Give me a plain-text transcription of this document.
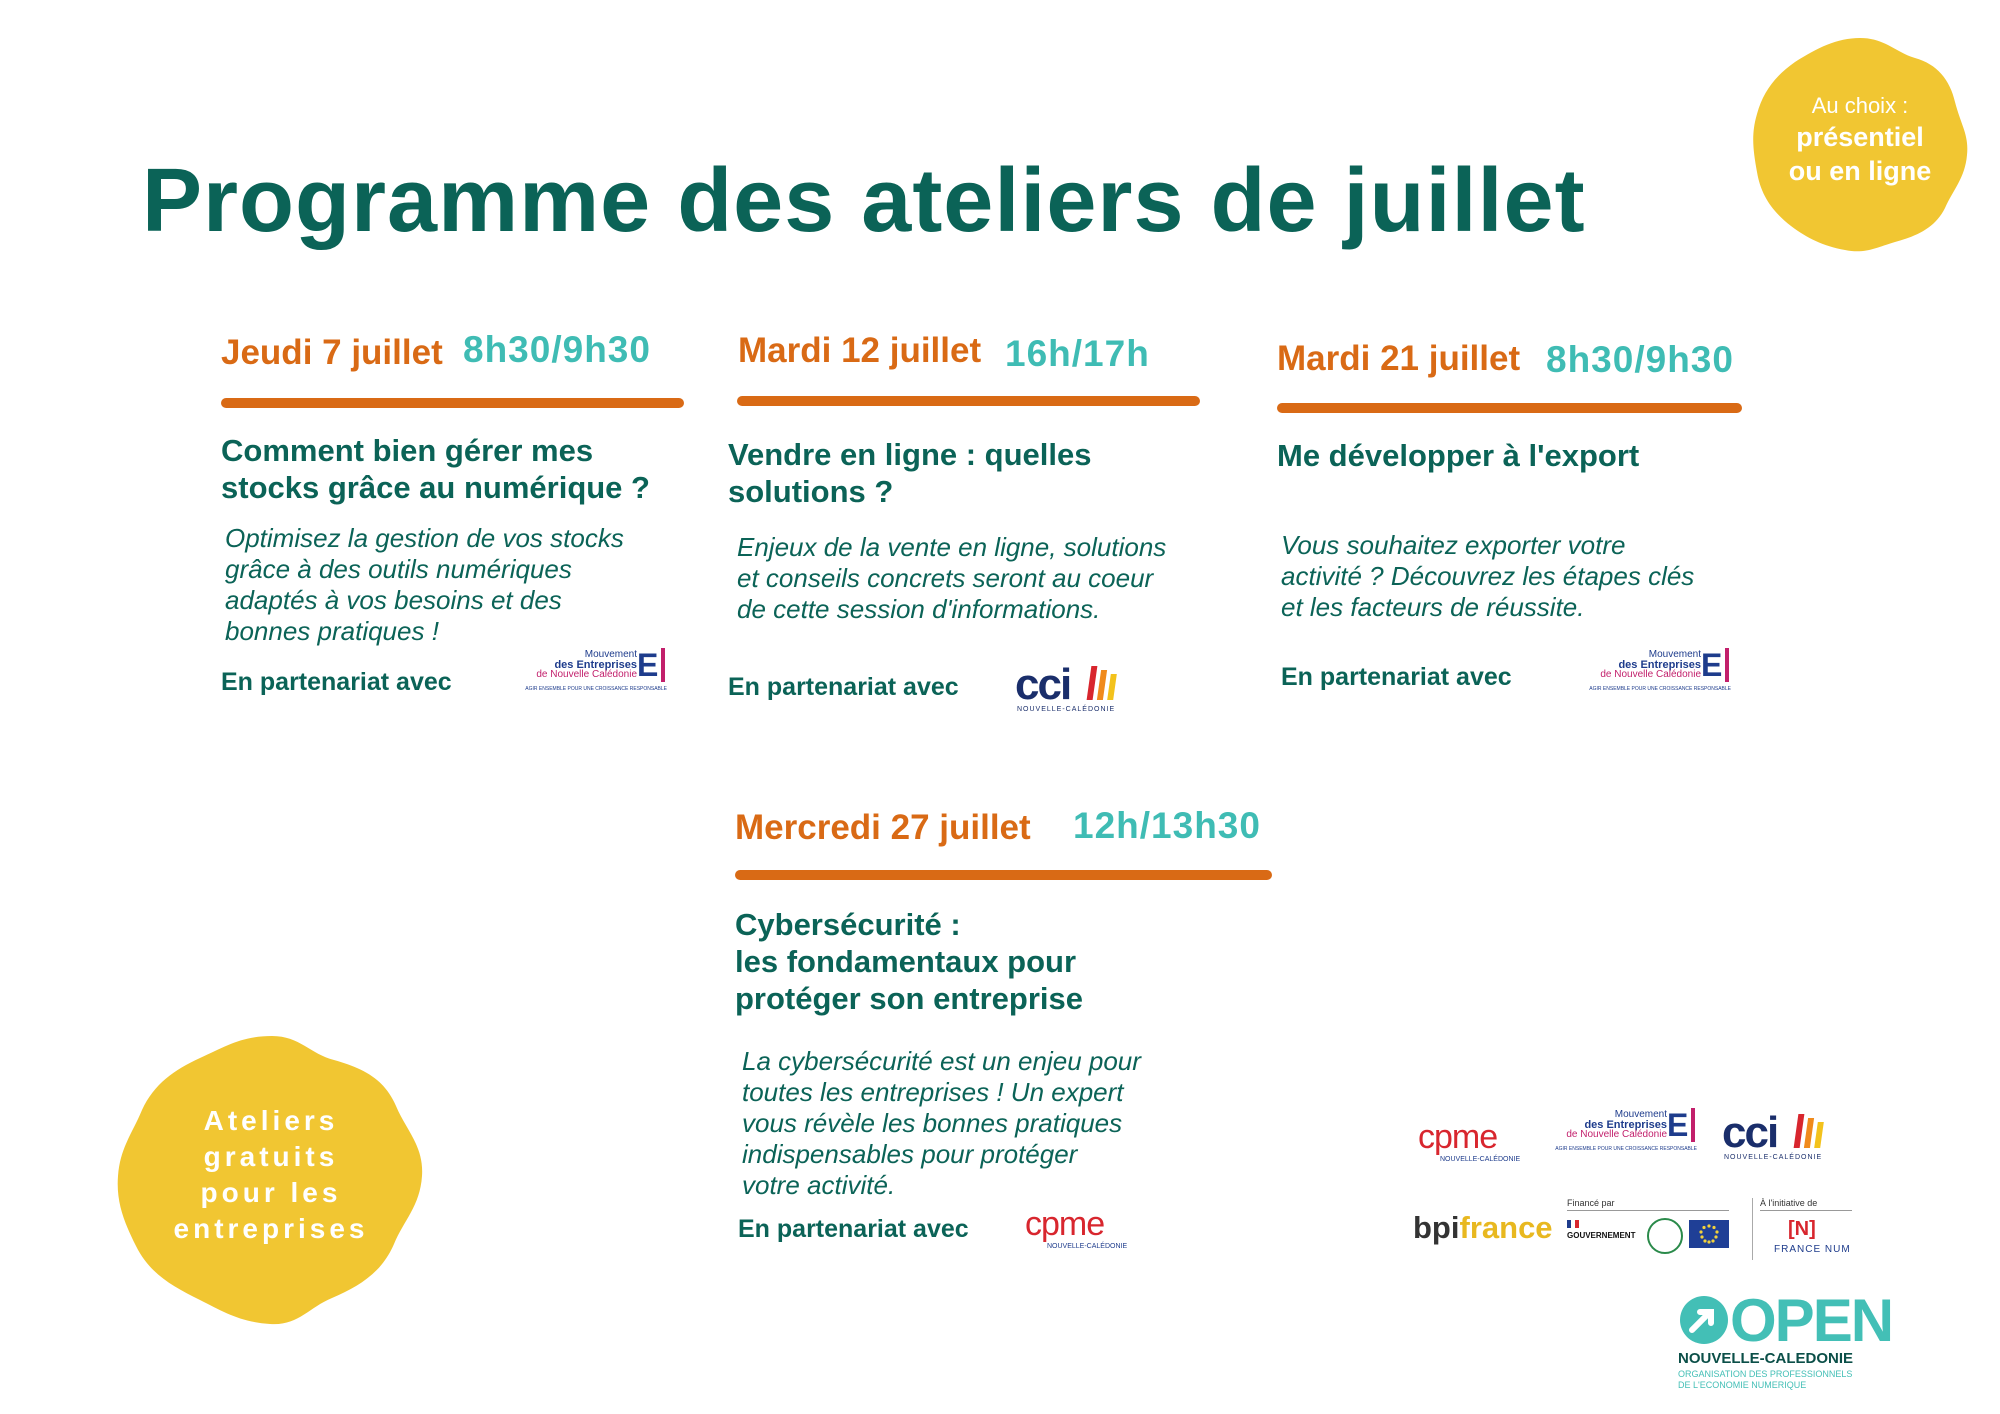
Programme des ateliers de juillet
Au choix :
présentiel
ou en ligne
Ateliers
gratuits
pour les
entreprises
Jeudi 7 juillet 8h30/9h30
Comment bien gérer mes
stocks grâce au numérique ?
Optimisez la gestion de vos stocks
grâce à des outils numériques
adaptés à vos besoins et des
bonnes pratiques !
En partenariat avec
Mouvement
des Entreprises
de Nouvelle Calédonie E
AGIR ENSEMBLE POUR UNE CROISSANCE RESPONSABLE
Mardi 12 juillet 16h/17h
Vendre en ligne : quelles
solutions ?
Enjeux de la vente en ligne, solutions
et conseils concrets seront au coeur
de cette session d'informations.
En partenariat avec cci
NOUVELLE-CALÉDONIE
Mardi 21 juillet 8h30/9h30
Me développer à l'export
Vous souhaitez exporter votre
activité ? Découvrez les étapes clés
et les facteurs de réussite.
En partenariat avec
Mouvement
des Entreprises
de Nouvelle Calédonie E
AGIR ENSEMBLE POUR UNE CROISSANCE RESPONSABLE
Mercredi 27 juillet 12h/13h30
Cybersécurité :
les fondamentaux pour
protéger son entreprise
La cybersécurité est un enjeu pour
toutes les entreprises ! Un expert
vous révèle les bonnes pratiques
indispensables pour protéger
votre activité.
En partenariat avec cpme
NOUVELLE-CALÉDONIE
cpme
NOUVELLE-CALÉDONIE
Mouvement
des Entreprises
de Nouvelle Calédonie E
AGIR ENSEMBLE POUR UNE CROISSANCE RESPONSABLE cci
NOUVELLE-CALÉDONIE
bpifrance
Financé par
GOUVERNEMENT
À l'initiative de
[N]
FRANCE NUM
OPEN
NOUVELLE-CALEDONIE
ORGANISATION DES PROFESSIONNELS
DE L'ECONOMIE NUMERIQUE
